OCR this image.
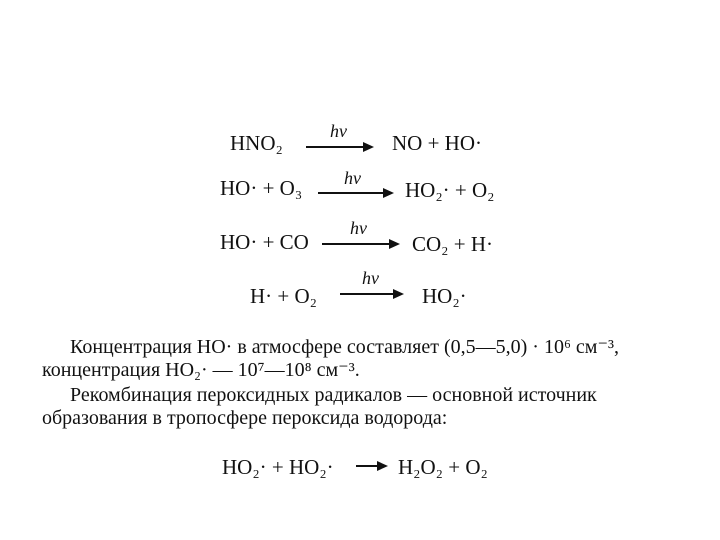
HNO₂	hν NO + HO·
HO· + O₃ hν HO₂· + O₂
HO· + CO
hν
CO₂ + H·
H· + O₂
hν
HO₂·
Концентрация HO· в атмосфере составляет (0,5—5,0) · 10⁶ см⁻³,
концентрация HO₂· — 10⁷—10⁸ см⁻³.
Рекомбинация пероксидных радикалов — основной источник
образования в тропосфере пероксида водорода:
HO₂· + HO₂·	H₂O₂ + O₂
